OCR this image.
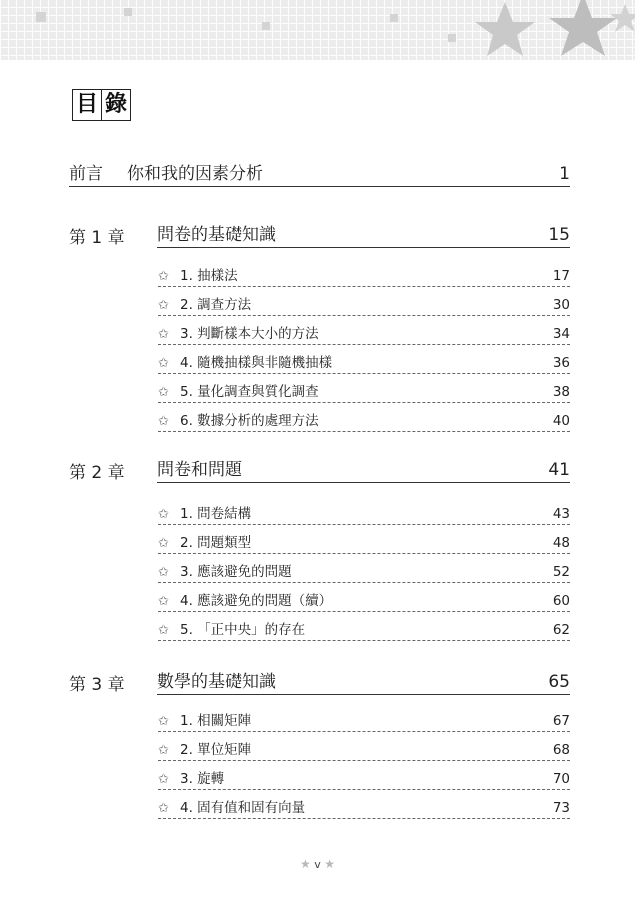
目 錄
前言	你和我的因素分析	1
第 1 章	問卷的基礎知識	15
✩ 1. 抽樣法	17
✩ 2. 調查方法	30
✩ 3. 判斷樣本大小的方法	34
✩ 4. 隨機抽樣與非隨機抽樣	36
✩ 5. 量化調查與質化調查	38
✩ 6. 數據分析的處理方法	40
第 2 章	問卷和問題	41
✩ 1. 問卷結構	43
✩ 2. 問題類型	48
✩ 3. 應該避免的問題	52
✩ 4. 應該避免的問題（續）	60
✩ 5. 「正中央」的存在	62
第 3 章	數學的基礎知識	65
✩ 1. 相關矩陣	67
✩ 2. 單位矩陣	68
✩ 3. 旋轉	70
✩ 4. 固有值和固有向量	73
★ v ★
